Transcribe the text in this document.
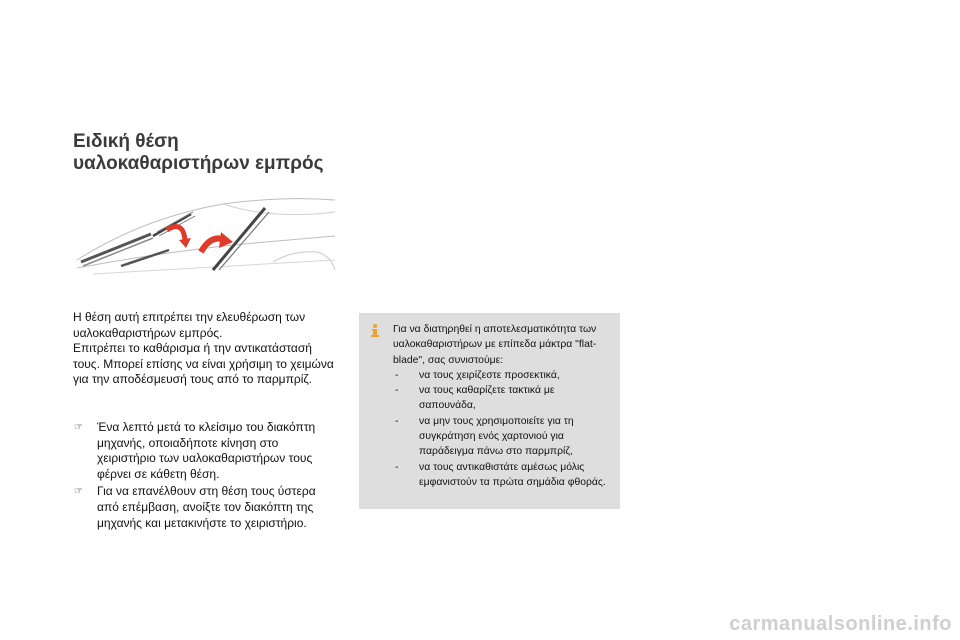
Ειδική θέση
υαλοκαθαριστήρων εμπρός

Η θέση αυτή επιτρέπει την ελευθέρωση των υαλοκαθαριστήρων εμπρός.

Επιτρέπει το καθάρισμα ή την αντικατάστασή τους. Μπορεί επίσης να είναι χρήσιμη το χειμώνα για την αποδέσμευσή τους από το παρμπρίζ.

☞ Ένα λεπτό μετά το κλείσιμο του διακόπτη μηχανής, οποιαδήποτε κίνηση στο χειριστήριο των υαλοκαθαριστήρων τους φέρνει σε κάθετη θέση.
☞ Για να επανέλθουν στη θέση τους ύστερα από επέμβαση, ανοίξτε τον διακόπτη της μηχανής και μετακινήστε το χειριστήριο.

Για να διατηρηθεί η αποτελεσματικότητα των υαλοκαθαριστήρων με επίπεδα μάκτρα "flat-blade", σας συνιστούμε:

- να τους χειρίζεστε προσεκτικά,
- να τους καθαρίζετε τακτικά με σαπουνάδα,
- να μην τους χρησιμοποιείτε για τη συγκράτηση ενός χαρτονιού για παράδειγμα πάνω στο παρμπρίζ,
- να τους αντικαθιστάτε αμέσως μόλις εμφανιστούν τα πρώτα σημάδια φθοράς.
carmanualsonline.info
